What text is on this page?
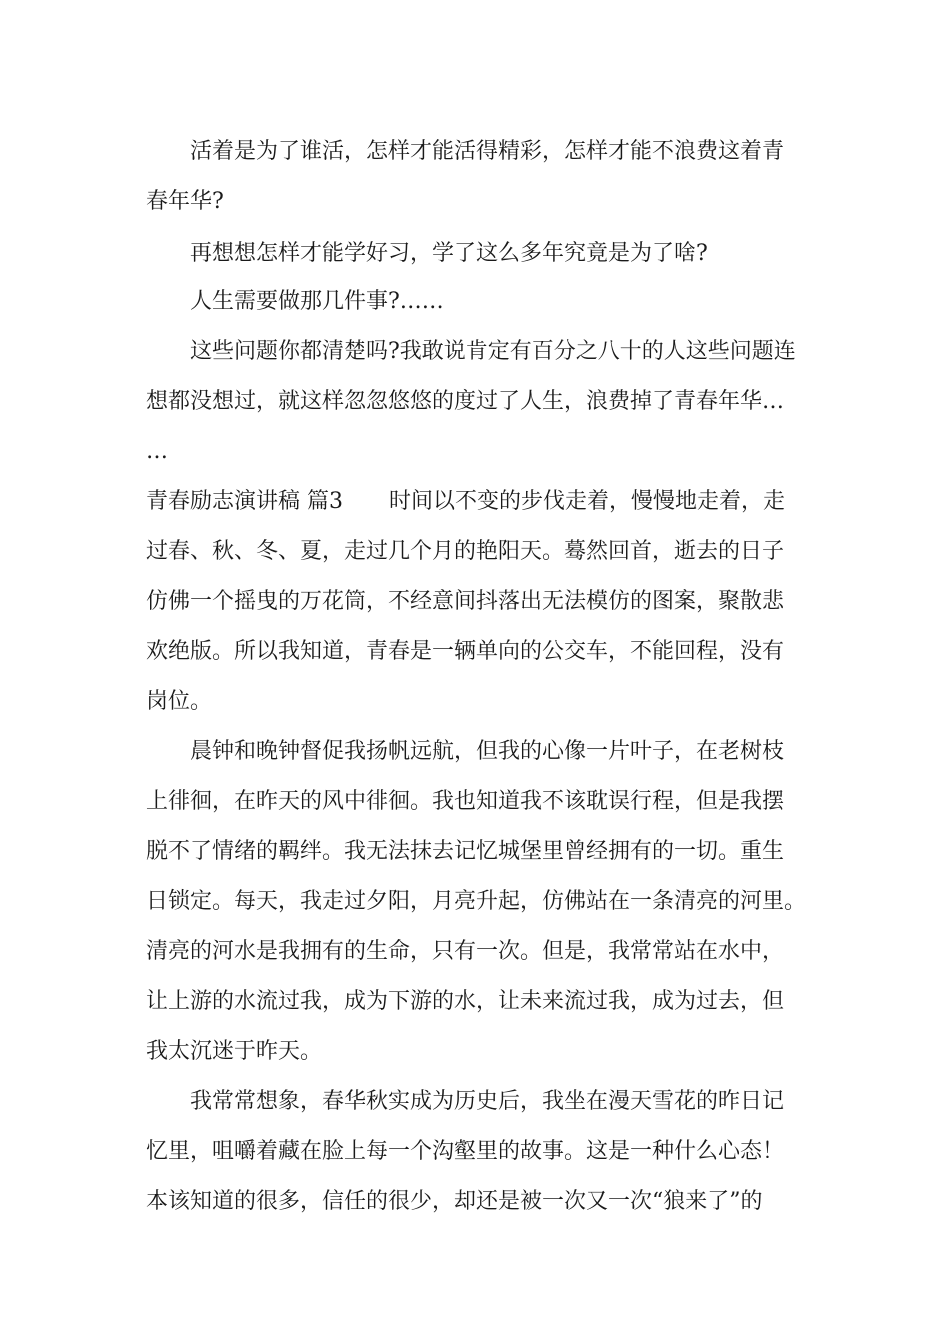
活着是为了谁活，怎样才能活得精彩，怎样才能不浪费这着青

春年华?

再想想怎样才能学好习，学了这么多年究竟是为了啥?

人生需要做那几件事?……

这些问题你都清楚吗?我敢说肯定有百分之八十的人这些问题连

想都没想过，就这样忽忽悠悠的度过了人生，浪费掉了青春年华…

…

青春励志演讲稿 篇3 时间以不变的步伐走着，慢慢地走着，走

过春、秋、冬、夏，走过几个月的艳阳天。蓦然回首，逝去的日子

仿佛一个摇曳的万花筒，不经意间抖落出无法模仿的图案，聚散悲

欢绝版。所以我知道，青春是一辆单向的公交车，不能回程，没有

岗位。

晨钟和晚钟督促我扬帆远航，但我的心像一片叶子，在老树枝

上徘徊，在昨天的风中徘徊。我也知道我不该耽误行程，但是我摆

脱不了情绪的羁绊。我无法抹去记忆城堡里曾经拥有的一切。重生

日锁定。每天，我走过夕阳，月亮升起，仿佛站在一条清亮的河里。

清亮的河水是我拥有的生命，只有一次。但是，我常常站在水中，

让上游的水流过我，成为下游的水，让未来流过我，成为过去，但

我太沉迷于昨天。

我常常想象，春华秋实成为历史后，我坐在漫天雪花的昨日记

忆里，咀嚼着藏在脸上每一个沟壑里的故事。这是一种什么心态！

本该知道的很多，信任的很少，却还是被一次又一次“狼来了”的
